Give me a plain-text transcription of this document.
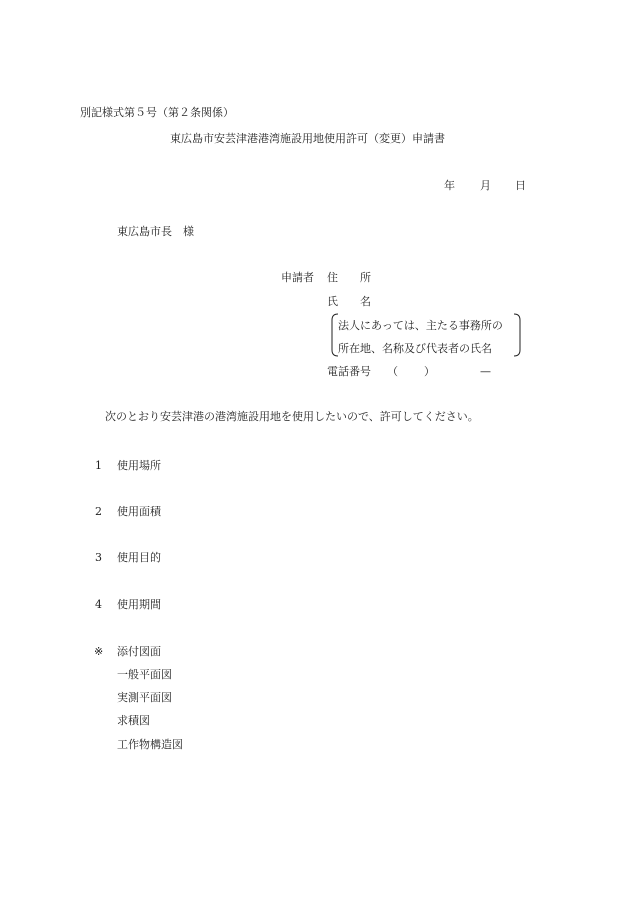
別記様式第５号（第２条関係）
東広島市安芸津港港湾施設用地使用許可（変更）申請書
年 月 日
東広島市長　様
申請者 住　　所
氏　　名
法人にあっては、主たる事務所の
所在地、名称及び代表者の氏名
電話番号 （ ）	—
次のとおり安芸津港の港湾施設用地を使用したいので、許可してください。
1 使用場所
2 使用面積
3 使用目的
4 使用期間
※ 添付図面
一般平面図
実測平面図
求積図
工作物構造図
